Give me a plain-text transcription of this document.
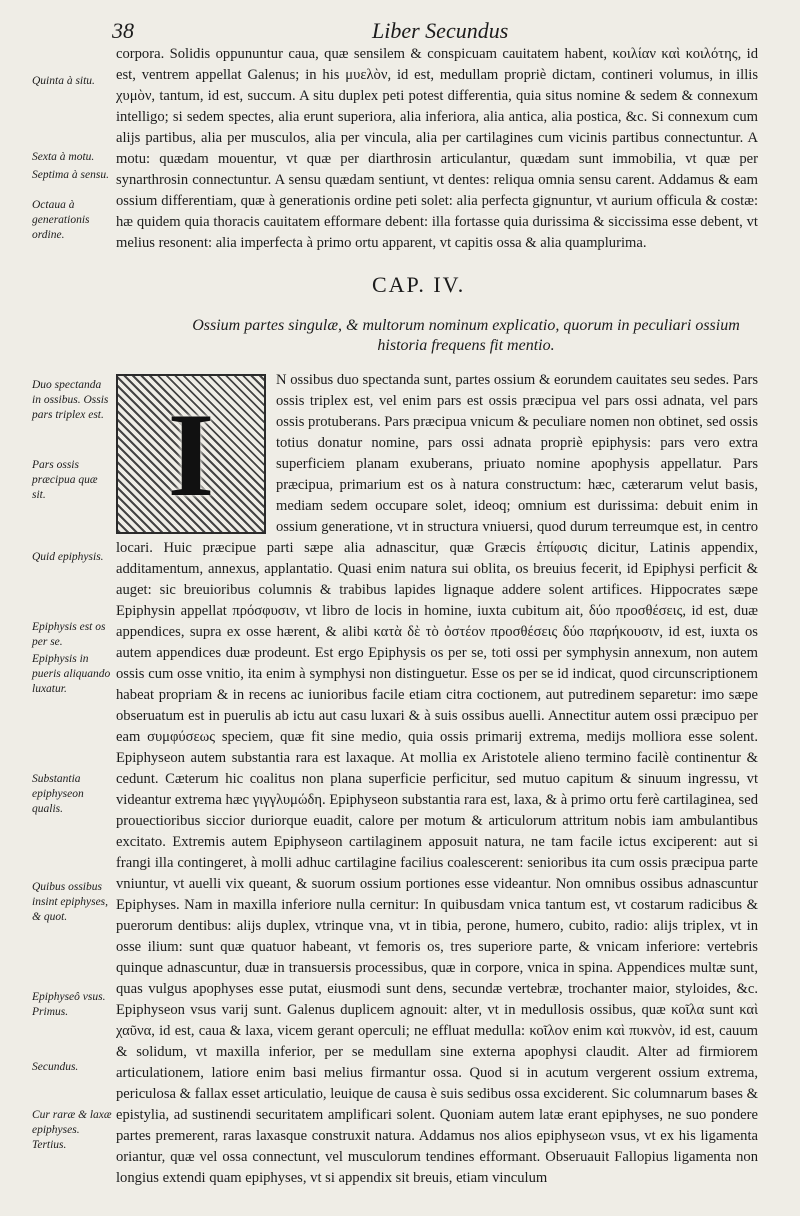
38	Liber Secundus

corpora. Solidis oppununtur caua, quæ sensilem & conspicuam cauitatem habent, κοιλίαν καὶ κοιλότης, id est, ventrem appellat Galenus; in his μυελὸν, id est, medullam propriè dictam, contineri volumus, in illis χυμὸν, tantum, id est, succum. A situ duplex peti potest differentia, quia situs nomine & sedem & connexum intelligo; si sedem spectes, alia erunt superiora, alia inferiora, alia antica, alia postica, &c. Si connexum cum alijs partibus, alia per musculos, alia per vincula, alia per cartilagines cum vicinis partibus connectuntur. A motu: quædam mouentur, vt quæ per diarthrosin articulantur, quædam sunt immobilia, vt quæ per synarthrosin connectuntur. A sensu quædam sentiunt, vt dentes: reliqua omnia sensu carent. Addamus & eam ossium differentiam, quæ à generationis ordine peti solet: alia perfecta gignuntur, vt aurium officula & costæ: hæ quidem quia thoracis cauitatem efformare debent: illa fortasse quia durissima & siccissima esse debent, vt melius resonent: alia imperfecta à primo ortu apparent, vt capitis ossa & alia quamplurima.

CAP. IV.
Ossium partes singulæ, & multorum nominum explicatio, quorum in peculiari ossium historia frequens fit mentio.
I
N ossibus duo spectanda sunt, partes ossium & eorundem cauitates seu sedes. Pars ossis triplex est, vel enim pars est ossis præcipua vel pars ossi adnata, vel pars ossis protuberans. Pars præcipua vnicum & peculiare nomen non obtinet, sed ossis totius donatur nomine, pars ossi adnata propriè epiphysis: pars vero extra superficiem planam exuberans, priuato nomine apophysis appellatur. Pars præcipua, primarium est os à natura constructum: hæc, cæterarum velut basis, mediam sedem occupare solet, ideoq; omnium est durissima: debuit enim in ossium generatione, vt in structura vniuersi, quod durum terreumque est, in centro locari. Huic præcipue parti sæpe alia adnascitur, quæ Græcis ἐπίφυσις dicitur, Latinis appendix, additamentum, annexus, applantatio. Quasi enim natura sui oblita, os breuius fecerit, id Epiphysi perficit & auget: sic breuioribus columnis & trabibus lapides lignaque addere solent artifices. Hippocrates sæpe Epiphysin appellat πρόσφυσιν, vt libro de locis in homine, iuxta cubitum ait, δύο προσθέσεις, id est, duæ appendices, supra ex osse hærent, & alibi κατὰ δὲ τὸ ὀστέον προσθέσεις δύο παρήκουσιν, id est, iuxta os autem appendices duæ prodeunt. Est ergo Epiphysis os per se, toti ossi per symphysin annexum, non autem ossis cum osse vnitio, ita enim à symphysi non distinguetur. Esse os per se id indicat, quod circunscriptionem habeat propriam & in recens ac iunioribus facile etiam citra coctionem, aut putredinem separetur: imo sæpe obseruatum est in puerulis ab ictu aut casu luxari & à suis ossibus auelli. Annectitur autem ossi præcipuo per eam συμφύσεως speciem, quæ fit sine medio, quia ossis primarij extrema, medijs molliora esse solent. Epiphyseon autem substantia rara est laxaque. At mollia ex Aristotele alieno termino facilè continentur & cedunt. Cæterum hic coalitus non plana superficie perficitur, sed mutuo capitum & sinuum ingressu, vt videantur extrema hæc γιγγλυμώδη. Epiphyseon substantia rara est, laxa, & à primo ortu ferè cartilaginea, sed prouectioribus siccior duriorque euadit, calore per motum & articulorum attritum nobis iam ambulantibus excitato. Extremis autem Epiphyseon cartilaginem apposuit natura, ne tam facile ictus exciperent: aut si frangi illa contingeret, à molli adhuc cartilagine facilius coalescerent: senioribus ita cum ossis præcipua parte vniuntur, vt auelli vix queant, & suorum ossium portiones esse videantur. Non omnibus ossibus adnascuntur Epiphyses. Nam in maxilla inferiore nulla cernitur: In quibusdam vnica tantum est, vt costarum radicibus & puerorum dentibus: alijs duplex, vtrinque vna, vt in tibia, perone, humero, cubito, radio: alijs triplex, vt in osse ilium: sunt quæ quatuor habeant, vt femoris os, tres superiore parte, & vnicam inferiore: vertebris quinque adnascuntur, duæ in transuersis processibus, quæ in corpore, vnica in spina. Appendices multæ sunt, quas vulgus apophyses esse putat, eiusmodi sunt dens, secundæ vertebræ, trochanter maior, styloides, &c. Epiphyseon vsus varij sunt. Galenus duplicem agnouit: alter, vt in medullosis ossibus, quæ κοῖλα sunt καὶ χαῦνα, id est, caua & laxa, vicem gerant operculi; ne effluat medulla: κοῖλον enim καὶ πυκνὸν, id est, cauum & solidum, vt maxilla inferior, per se medullam sine externa apophysi claudit. Alter ad firmiorem articulationem, latiore enim basi melius firmantur ossa. Quod si in acutum vergerent ossium extrema, periculosa & fallax esset articulatio, leuique de causa è suis sedibus ossa exciderent. Sic columnarum bases & epistylia, ad sustinendi securitatem amplificari solent. Quoniam autem latæ erant epiphyses, ne suo pondere partes premerent, raras laxasque construxit natura. Addamus nos alios epiphyseωn vsus, vt ex his ligamenta oriantur, quæ vel ossa connectunt, vel musculorum tendines efformant. Obseruauit Fallopius ligamenta non longius extendi quam epiphyses, vt si appendix sit breuis, etiam vinculum
Quinta à situ.
Sexta à motu.
Septima à sensu.
Octaua à generationis ordine.
Duo spectanda in ossibus. Ossis pars triplex est.
Pars ossis præcipua quæ sit.
Quid epiphysis.
Epiphysis est os per se.
Epiphysis in pueris aliquando luxatur.
Substantia epiphyseon qualis.
Quibus ossibus insint epiphyses, & quot.
Epiphyseô vsus. Primus.
Secundus.
Cur raræ & laxæ epiphyses. Tertius.
